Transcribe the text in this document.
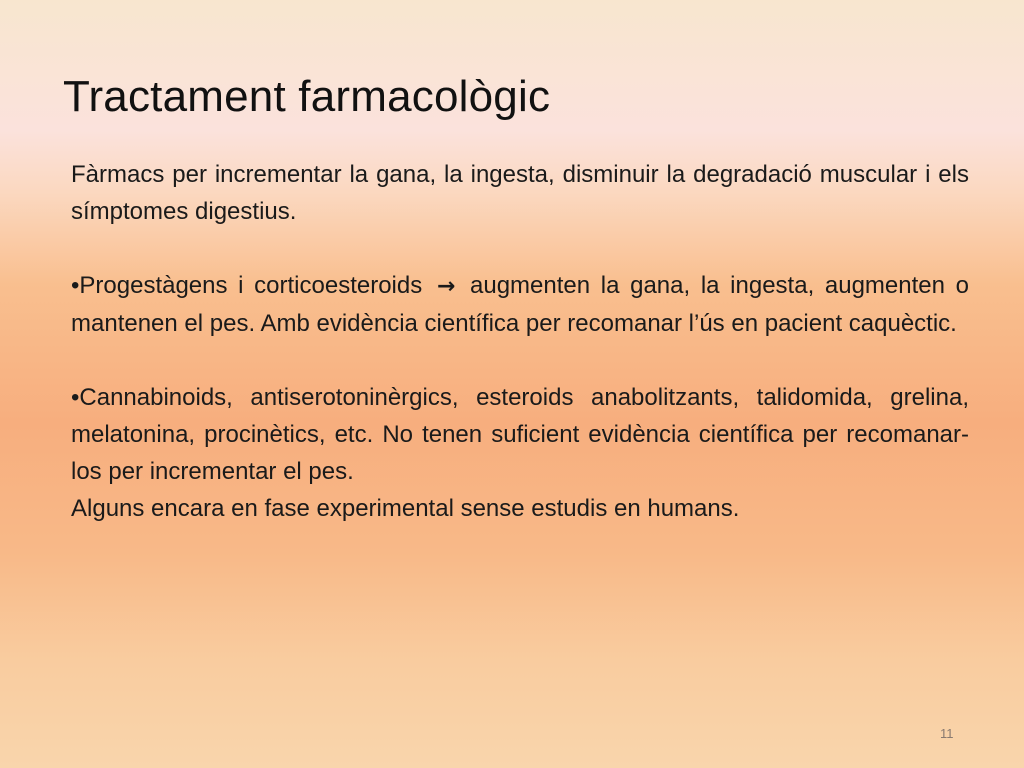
Tractament farmacològic

Fàrmacs per incrementar la gana, la ingesta, disminuir la degradació muscular i els símptomes digestius.

•Progestàgens i corticoesteroids → augmenten la gana, la ingesta, augmenten o mantenen el pes. Amb evidència científica per recomanar l’ús en pacient caquèctic.

•Cannabinoids, antiserotoninèrgics, esteroids anabolitzants, talidomida, grelina, melatonina, procinètics, etc. No tenen suficient evidència científica per recomanar-los per incrementar el pes.

Alguns encara en fase experimental sense estudis en humans.

11
